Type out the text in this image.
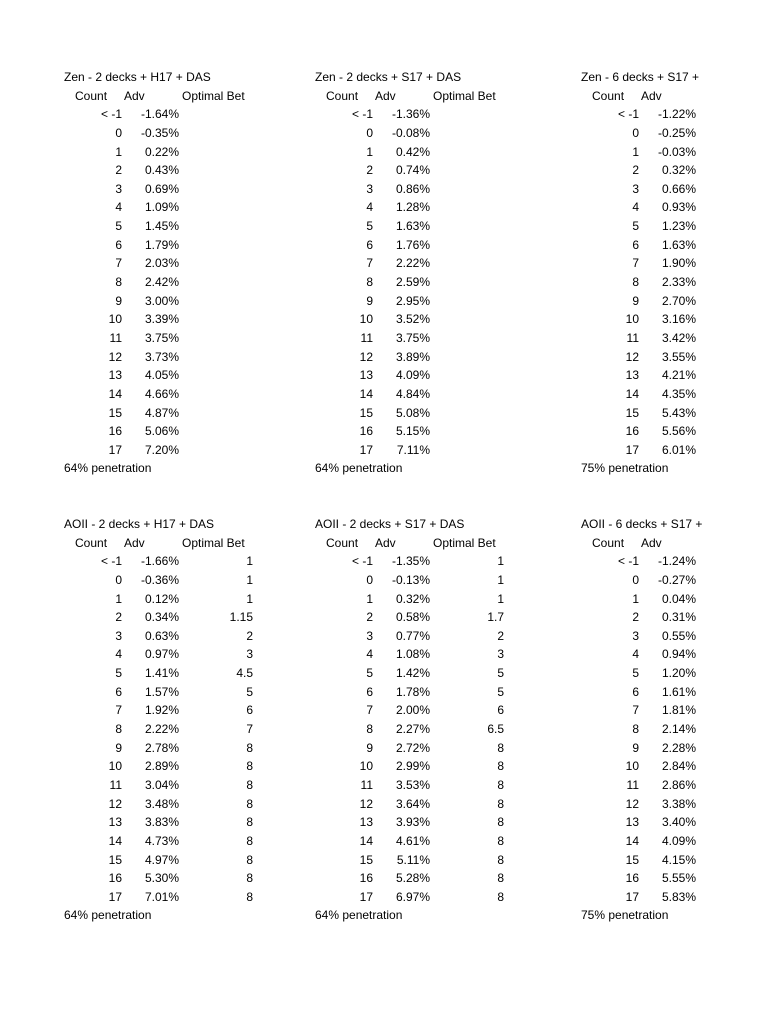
Zen - 2 decks + H17 + DAS
Count Adv	Optimal Bet
< -1 -1.64%
0 -0.35%
1 0.22%
2 0.43%
3 0.69%
4 1.09%
5 1.45%
6 1.79%
7 2.03%
8 2.42%
9 3.00%
10 3.39%
11 3.75%
12 3.73%
13 4.05%
14 4.66%
15 4.87%
16 5.06%
17 7.20%
64% penetration
Zen - 2 decks + S17 + DAS
Count Adv	Optimal Bet
< -1 -1.36%
0 -0.08%
1 0.42%
2 0.74%
3 0.86%
4 1.28%
5 1.63%
6 1.76%
7 2.22%
8 2.59%
9 2.95%
10 3.52%
11 3.75%
12 3.89%
13 4.09%
14 4.84%
15 5.08%
16 5.15%
17 7.11%
64% penetration
Zen - 6 decks + S17 +
Count Adv
< -1 -1.22%
0 -0.25%
1 -0.03%
2 0.32%
3 0.66%
4 0.93%
5 1.23%
6 1.63%
7 1.90%
8 2.33%
9 2.70%
10 3.16%
11 3.42%
12 3.55%
13 4.21%
14 4.35%
15 5.43%
16 5.56%
17 6.01%
75% penetration
AOII - 2 decks + H17 + DAS
Count Adv	Optimal Bet
< -1 -1.66%	1
0 -0.36%	1
1 0.12%	1
2 0.34%	1.15
3 0.63%	2
4 0.97%	3
5 1.41%	4.5
6 1.57%	5
7 1.92%	6
8 2.22%	7
9 2.78%	8
10 2.89%	8
11 3.04%	8
12 3.48%	8
13 3.83%	8
14 4.73%	8
15 4.97%	8
16 5.30%	8
17 7.01%	8
64% penetration
AOII - 2 decks + S17 + DAS
Count Adv	Optimal Bet
< -1 -1.35%	1
0 -0.13%	1
1 0.32%	1
2 0.58%	1.7
3 0.77%	2
4 1.08%	3
5 1.42%	5
6 1.78%	5
7 2.00%	6
8 2.27%	6.5
9 2.72%	8
10 2.99%	8
11 3.53%	8
12 3.64%	8
13 3.93%	8
14 4.61%	8
15 5.11%	8
16 5.28%	8
17 6.97%	8
64% penetration
AOII - 6 decks + S17 +
Count Adv
< -1 -1.24%
0 -0.27%
1 0.04%
2 0.31%
3 0.55%
4 0.94%
5 1.20%
6 1.61%
7 1.81%
8 2.14%
9 2.28%
10 2.84%
11 2.86%
12 3.38%
13 3.40%
14 4.09%
15 4.15%
16 5.55%
17 5.83%
75% penetration
